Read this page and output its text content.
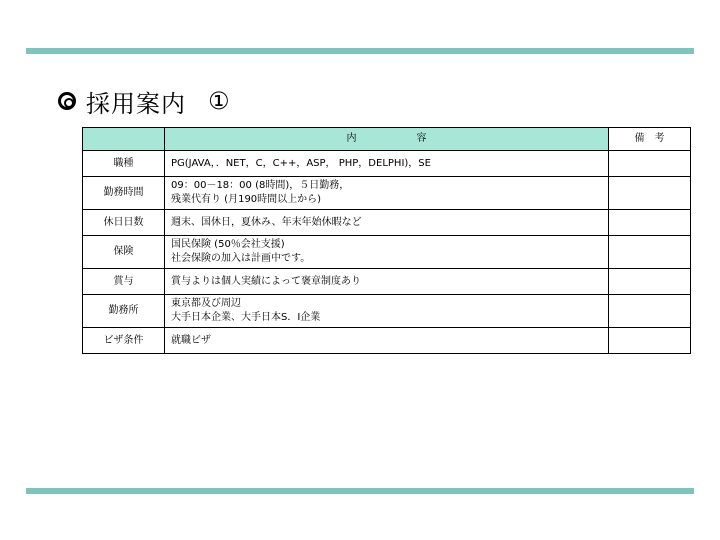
採用案内 ①
	内 容	備　考
職種	PG(JAVA，．NET，C，C++，ASP， PHP，DELPHI)，SE	

勤務時間	09：00－18：00 (8時間)，５日勤務，
残業代有り (月190時間以上から)	

休日日数	週末、国休日，夏休み、年末年始休暇など	

保険	国民保険 (50％会社支援)
社会保険の加入は計画中です。	

賞与	賞与よりは個人実績によって褒章制度あり	

勤務所	東京都及び周辺
大手日本企業、大手日本S．I企業	

ビザ条件	就職ビザ	
